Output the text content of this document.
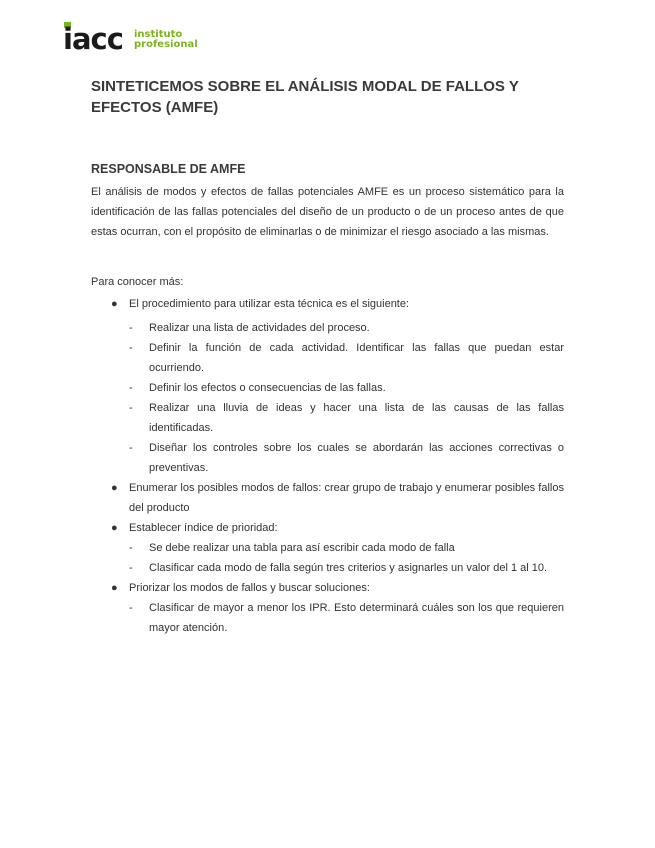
iacc instituto
profesional
SINTETICEMOS SOBRE EL ANÁLISIS MODAL DE FALLOS Y EFECTOS (AMFE)
RESPONSABLE DE AMFE

El análisis de modos y efectos de fallas potenciales AMFE es un proceso sistemático para la identificación de las fallas potenciales del diseño de un producto o de un proceso antes de que estas ocurran, con el propósito de eliminarlas o de minimizar el riesgo asociado a las mismas.

Para conocer más:
● El procedimiento para utilizar esta técnica es el siguiente:
- Realizar una lista de actividades del proceso.
- Definir la función de cada actividad. Identificar las fallas que puedan estar ocurriendo.
- Definir los efectos o consecuencias de las fallas.
- Realizar una lluvia de ideas y hacer una lista de las causas de las fallas identificadas.
- Diseñar los controles sobre los cuales se abordarán las acciones correctivas o preventivas.
● Enumerar los posibles modos de fallos: crear grupo de trabajo y enumerar posibles fallos del producto
● Establecer índice de prioridad:
- Se debe realizar una tabla para así escribir cada modo de falla
- Clasificar cada modo de falla según tres criterios y asignarles un valor del 1 al 10.
● Priorizar los modos de fallos y buscar soluciones:
- Clasificar de mayor a menor los IPR. Esto determinará cuáles son los que requieren mayor atención.
